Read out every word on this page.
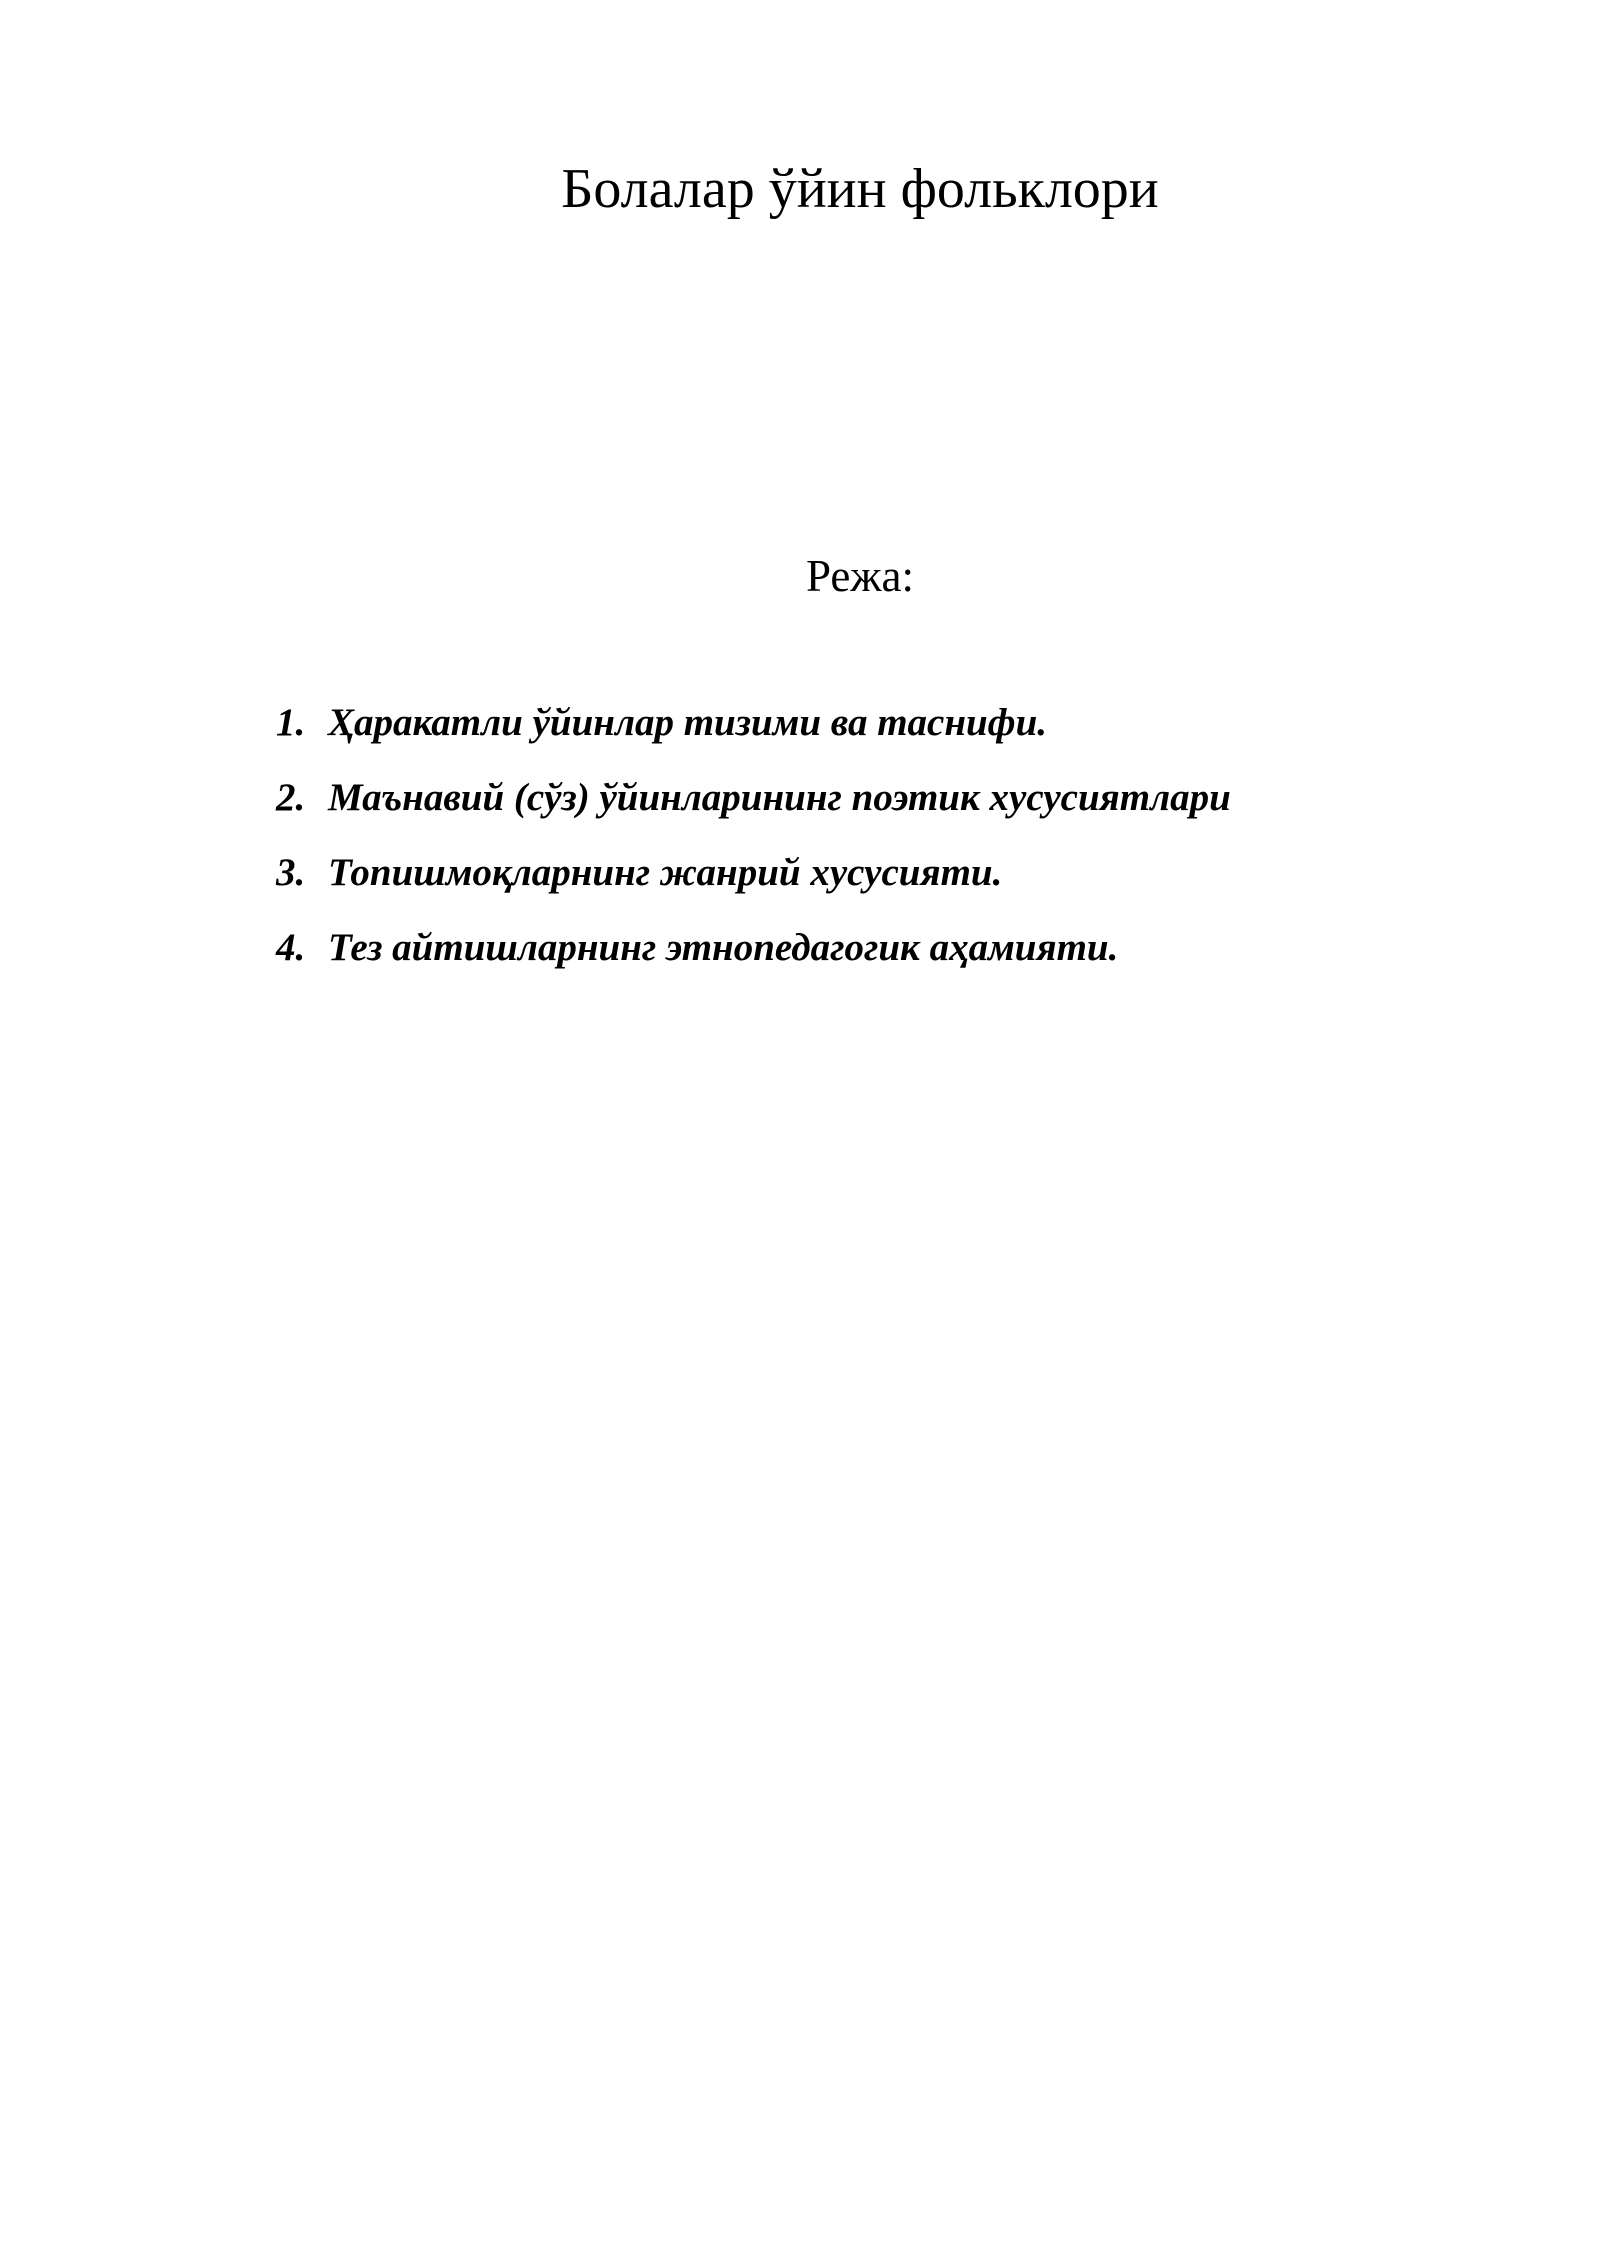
Болалар ўйин фольклори
Режа:
1. Ҳаракатли ўйинлар тизими ва таснифи.
2. Маънавий (сўз) ўйинларининг поэтик хусусиятлари
3. Топишмоқларнинг жанрий хусусияти.
4. Тез айтишларнинг этнопедагогик аҳамияти.
